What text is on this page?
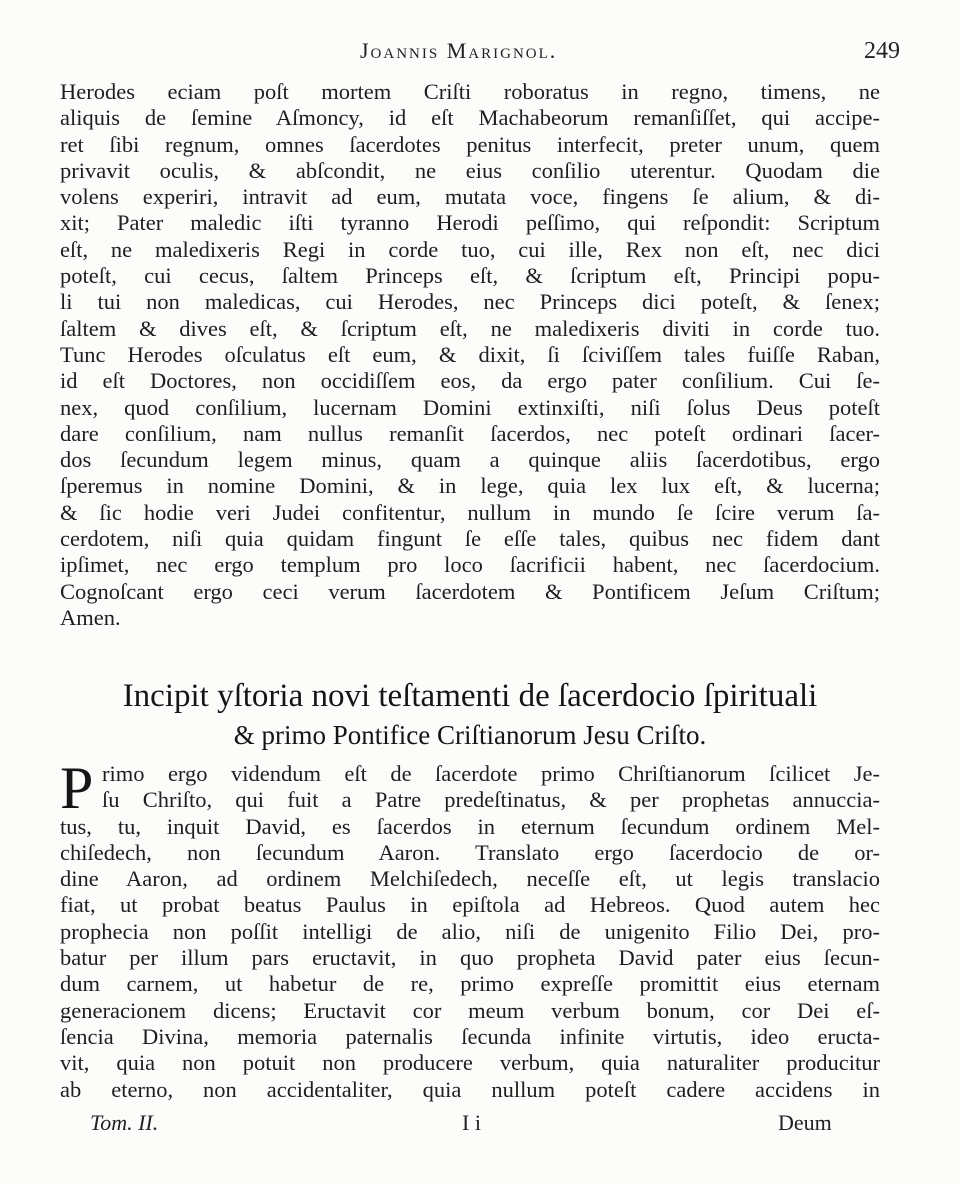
Joannis Marignol.	249
Herodes eciam poſt mortem Criſti roboratus in regno, timens, ne
aliquis de ſemine Aſmoncy, id eſt Machabeorum remanſiſſet, qui accipe-
ret ſibi regnum, omnes ſacerdotes penitus interfecit, preter unum, quem
privavit oculis, & abſcondit, ne eius conſilio uterentur. Quodam die
volens experiri, intravit ad eum, mutata voce, fingens ſe alium, & di-
xit; Pater maledic iſti tyranno Herodi peſſimo, qui reſpondit: Scriptum
eſt, ne maledixeris Regi in corde tuo, cui ille, Rex non eſt, nec dici
poteſt, cui cecus, ſaltem Princeps eſt, & ſcriptum eſt, Principi popu-
li tui non maledicas, cui Herodes, nec Princeps dici poteſt, & ſenex;
ſaltem & dives eſt, & ſcriptum eſt, ne maledixeris diviti in corde tuo.
Tunc Herodes oſculatus eſt eum, & dixit, ſi ſciviſſem tales fuiſſe Raban,
id eſt Doctores, non occidiſſem eos, da ergo pater conſilium. Cui ſe-
nex, quod conſilium, lucernam Domini extinxiſti, niſi ſolus Deus poteſt
dare conſilium, nam nullus remanſit ſacerdos, nec poteſt ordinari ſacer-
dos ſecundum legem minus, quam a quinque aliis ſacerdotibus, ergo
ſperemus in nomine Domini, & in lege, quia lex lux eſt, & lucerna;
& ſic hodie veri Judei confitentur, nullum in mundo ſe ſcire verum ſa-
cerdotem, niſi quia quidam fingunt ſe eſſe tales, quibus nec fidem dant
ipſimet, nec ergo templum pro loco ſacrificii habent, nec ſacerdocium.
Cognoſcant ergo ceci verum ſacerdotem & Pontificem Jeſum Criſtum;
Amen.
Incipit yſtoria novi teſtamenti de ſacerdocio ſpirituali
& primo Pontifice Criſtianorum Jesu Criſto.
P rimo ergo videndum eſt de ſacerdote primo Chriſtianorum ſcilicet Je-
ſu Chriſto, qui fuit a Patre predeſtinatus, & per prophetas annuccia-
tus, tu, inquit David, es ſacerdos in eternum ſecundum ordinem Mel-
chiſedech, non ſecundum Aaron. Translato ergo ſacerdocio de or-
dine Aaron, ad ordinem Melchiſedech, neceſſe eſt, ut legis translacio
fiat, ut probat beatus Paulus in epiſtola ad Hebreos. Quod autem hec
prophecia non poſſit intelligi de alio, niſi de unigenito Filio Dei, pro-
batur per illum pars eructavit, in quo propheta David pater eius ſecun-
dum carnem, ut habetur de re, primo expreſſe promittit eius eternam
generacionem dicens; Eructavit cor meum verbum bonum, cor Dei eſ-
ſencia Divina, memoria paternalis ſecunda infinite virtutis, ideo eructa-
vit, quia non potuit non producere verbum, quia naturaliter producitur
ab eterno, non accidentaliter, quia nullum poteſt cadere accidens in
Tom. II.	I i	Deum
